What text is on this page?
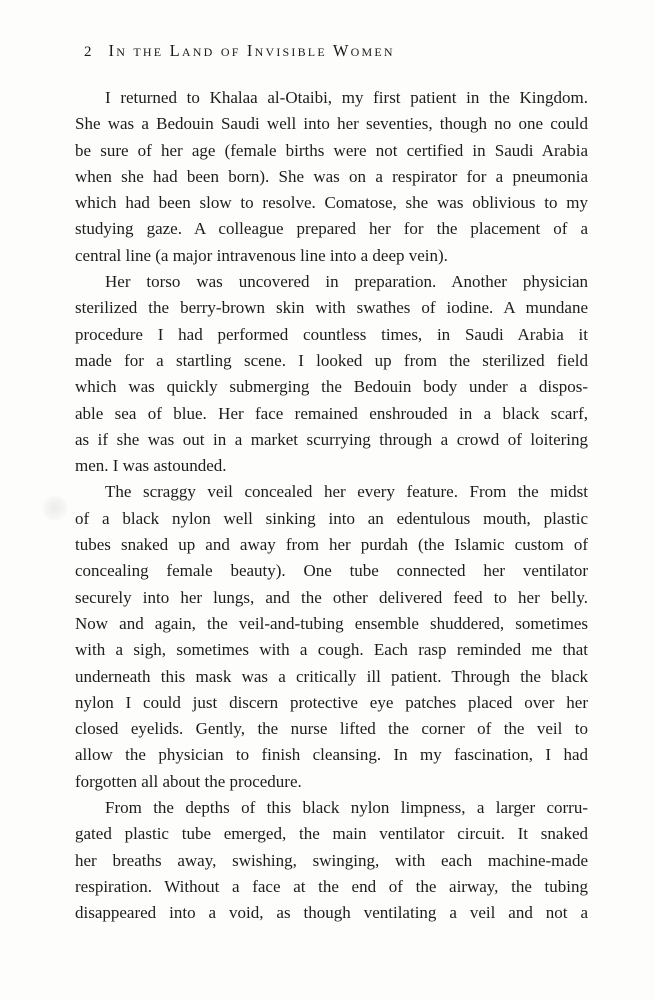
2 In the Land of Invisible Women
I returned to Khalaa al-Otaibi, my first patient in the Kingdom.
She was a Bedouin Saudi well into her seventies, though no one could
be sure of her age (female births were not certified in Saudi Arabia
when she had been born). She was on a respirator for a pneumonia
which had been slow to resolve. Comatose, she was oblivious to my
studying gaze. A colleague prepared her for the placement of a
central line (a major intravenous line into a deep vein).
Her torso was uncovered in preparation. Another physician
sterilized the berry-brown skin with swathes of iodine. A mundane
procedure I had performed countless times, in Saudi Arabia it
made for a startling scene. I looked up from the sterilized field
which was quickly submerging the Bedouin body under a dispos-
able sea of blue. Her face remained enshrouded in a black scarf,
as if she was out in a market scurrying through a crowd of loitering
men. I was astounded.
The scraggy veil concealed her every feature. From the midst
of a black nylon well sinking into an edentulous mouth, plastic
tubes snaked up and away from her purdah (the Islamic custom of
concealing female beauty). One tube connected her ventilator
securely into her lungs, and the other delivered feed to her belly.
Now and again, the veil-and-tubing ensemble shuddered, sometimes
with a sigh, sometimes with a cough. Each rasp reminded me that
underneath this mask was a critically ill patient. Through the black
nylon I could just discern protective eye patches placed over her
closed eyelids. Gently, the nurse lifted the corner of the veil to
allow the physician to finish cleansing. In my fascination, I had
forgotten all about the procedure.
From the depths of this black nylon limpness, a larger corru-
gated plastic tube emerged, the main ventilator circuit. It snaked
her breaths away, swishing, swinging, with each machine-made
respiration. Without a face at the end of the airway, the tubing
disappeared into a void, as though ventilating a veil and not a
